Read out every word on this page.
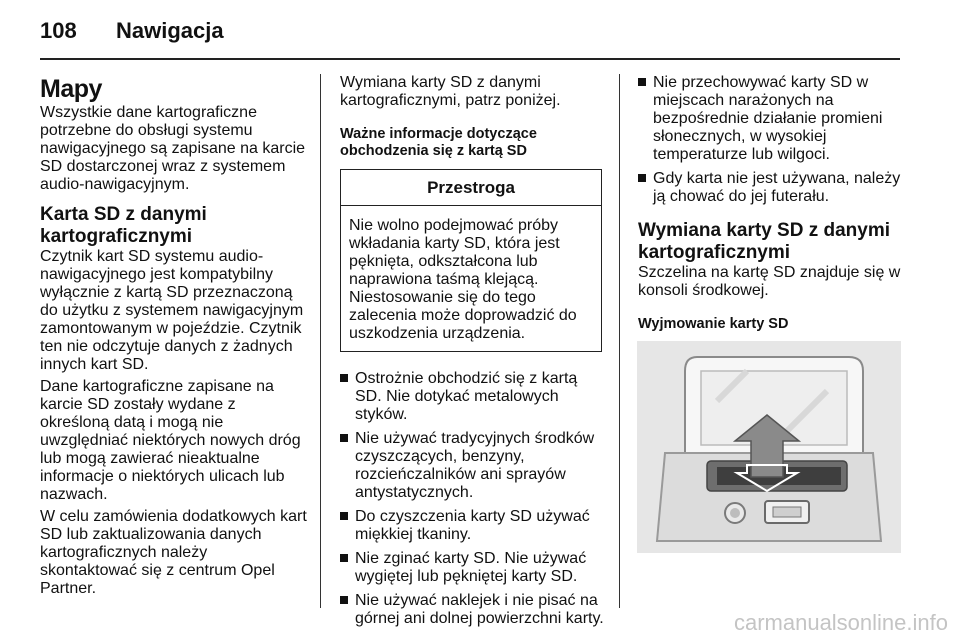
108 Nawigacja
Mapy
Wszystkie dane kartograficzne potrzebne do obsługi systemu nawigacyjnego są zapisane na karcie SD dostarczonej wraz z systemem audio-nawigacyjnym.
Karta SD z danymi kartograficznymi
Czytnik kart SD systemu audio-nawigacyjnego jest kompatybilny wyłącznie z kartą SD przeznaczoną do użytku z systemem nawigacyjnym zamontowanym w pojeździe. Czytnik ten nie odczytuje danych z żadnych innych kart SD.
Dane kartograficzne zapisane na karcie SD zostały wydane z określoną datą i mogą nie uwzględniać niektórych nowych dróg lub mogą zawierać nieaktualne informacje o niektórych ulicach lub nazwach.
W celu zamówienia dodatkowych kart SD lub zaktualizowania danych kartograficznych należy skontaktować się z centrum Opel Partner.
Wymiana karty SD z danymi kartograficznymi, patrz poniżej.
Ważne informacje dotyczące obchodzenia się z kartą SD
Przestroga
Nie wolno podejmować próby wkładania karty SD, która jest pęknięta, odkształcona lub naprawiona taśmą klejącą. Niestosowanie się do tego zalecenia może doprowadzić do uszkodzenia urządzenia.
Ostrożnie obchodzić się z kartą SD. Nie dotykać metalowych styków.
Nie używać tradycyjnych środków czyszczących, benzyny, rozcieńczalników ani sprayów antystatycznych.
Do czyszczenia karty SD używać miękkiej tkaniny.
Nie zginać karty SD. Nie używać wygiętej lub pękniętej karty SD.
Nie używać naklejek i nie pisać na górnej ani dolnej powierzchni karty.
Nie przechowywać karty SD w miejscach narażonych na bezpośrednie działanie promieni słonecznych, w wysokiej temperaturze lub wilgoci.
Gdy karta nie jest używana, należy ją chować do jej futerału.
Wymiana karty SD z danymi kartograficznymi
Szczelina na kartę SD znajduje się w konsoli środkowej.
Wyjmowanie karty SD
carmanualsonline.info
